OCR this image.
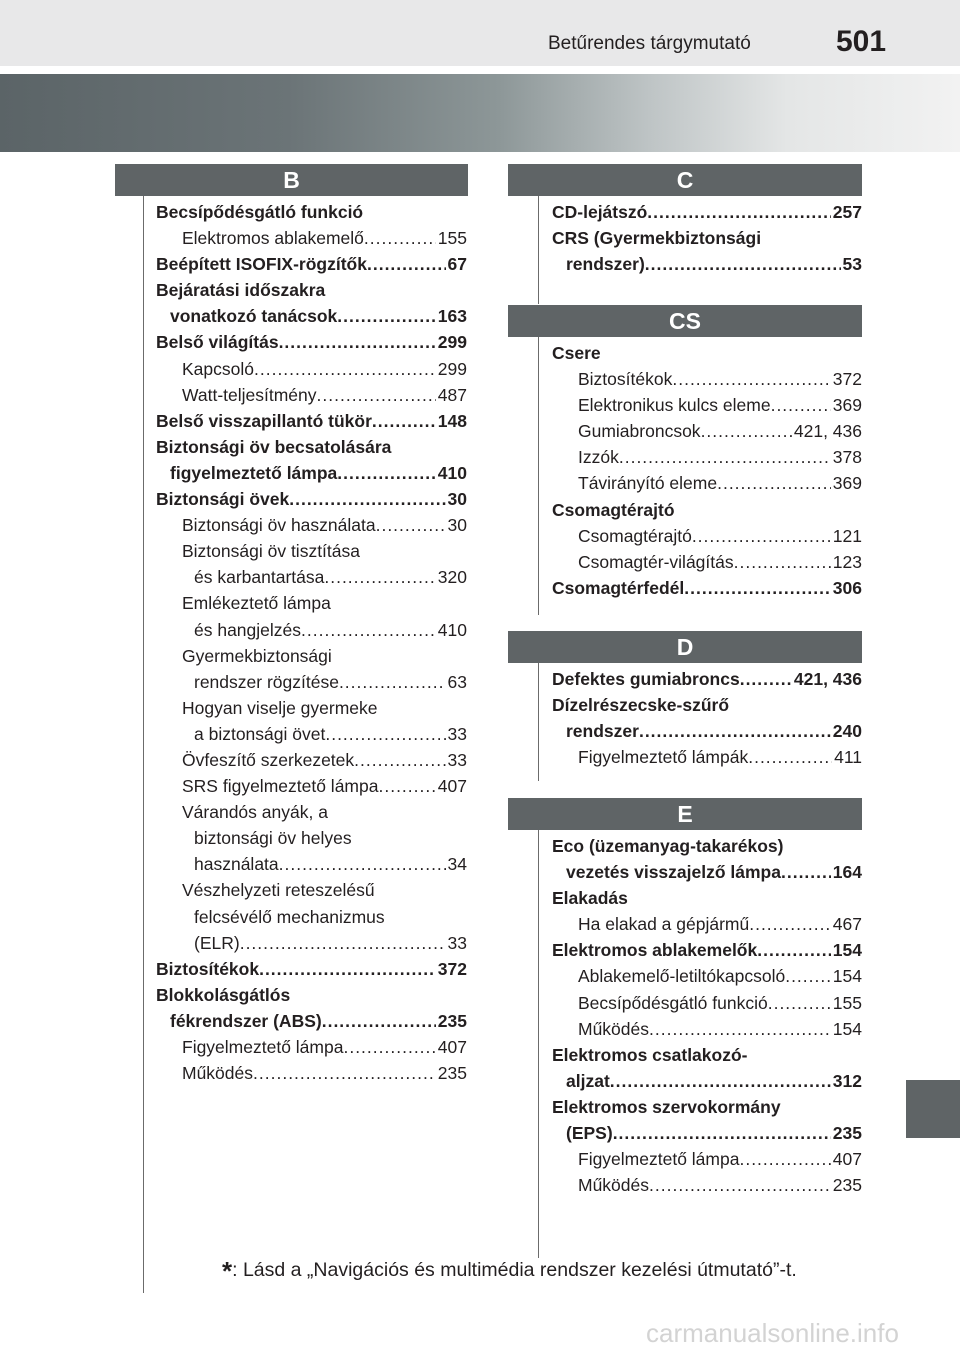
Betűrendes tárgymutató	501
B
Becsípődésgátló funkció
Elektromos ablakemelő .....	155
Beépített ISOFIX-rögzítők .....	67
Bejáratási időszakra
vonatkozó tanácsok .....	163
Belső világítás .....	299
Kapcsoló .....	299
Watt-teljesítmény .....	487
Belső visszapillantó tükör .....	148
Biztonsági öv becsatolására
figyelmeztető lámpa .....	410
Biztonsági övek .....	30
Biztonsági öv használata .....	30
Biztonsági öv tisztítása
és karbantartása .....	320
Emlékeztető lámpa
és hangjelzés .....	410
Gyermekbiztonsági
rendszer rögzítése .....	63
Hogyan viselje gyermeke
a biztonsági övet .....	33
Övfeszítő szerkezetek .....	33
SRS figyelmeztető lámpa .....	407
Várandós anyák, a
biztonsági öv helyes
használata .....	34
Vészhelyzeti reteszelésű
felcsévélő mechanizmus
(ELR) .....	33
Biztosítékok .....	372
Blokkolásgátlós
fékrendszer (ABS) .....	235
Figyelmeztető lámpa .....	407
Működés .....	235
C
CD-lejátszó .....	257
CRS (Gyermekbiztonsági
rendszer) .....	53
CS
Csere
Biztosítékok .....	372
Elektronikus kulcs eleme .....	369
Gumiabroncsok .....	421, 436
Izzók .....	378
Távirányító eleme .....	369
Csomagtérajtó
Csomagtérajtó .....	121
Csomagtér-világítás .....	123
Csomagtérfedél .....	306
D
Defektes gumiabroncs .....	421, 436
Dízelrészecske-szűrő
rendszer .....	240
Figyelmeztető lámpák .....	411
E
Eco (üzemanyag-takarékos)
vezetés visszajelző lámpa .....	164
Elakadás
Ha elakad a gépjármű .....	467
Elektromos ablakemelők .....	154
Ablakemelő-letiltókapcsoló .....	154
Becsípődésgátló funkció .....	155
Működés .....	154
Elektromos csatlakozó-
aljzat .....	312
Elektromos szervokormány
(EPS) .....	235
Figyelmeztető lámpa .....	407
Működés .....	235
*: Lásd a „Navigációs és multimédia rendszer kezelési útmutató”-t.
carmanualsonline.info
